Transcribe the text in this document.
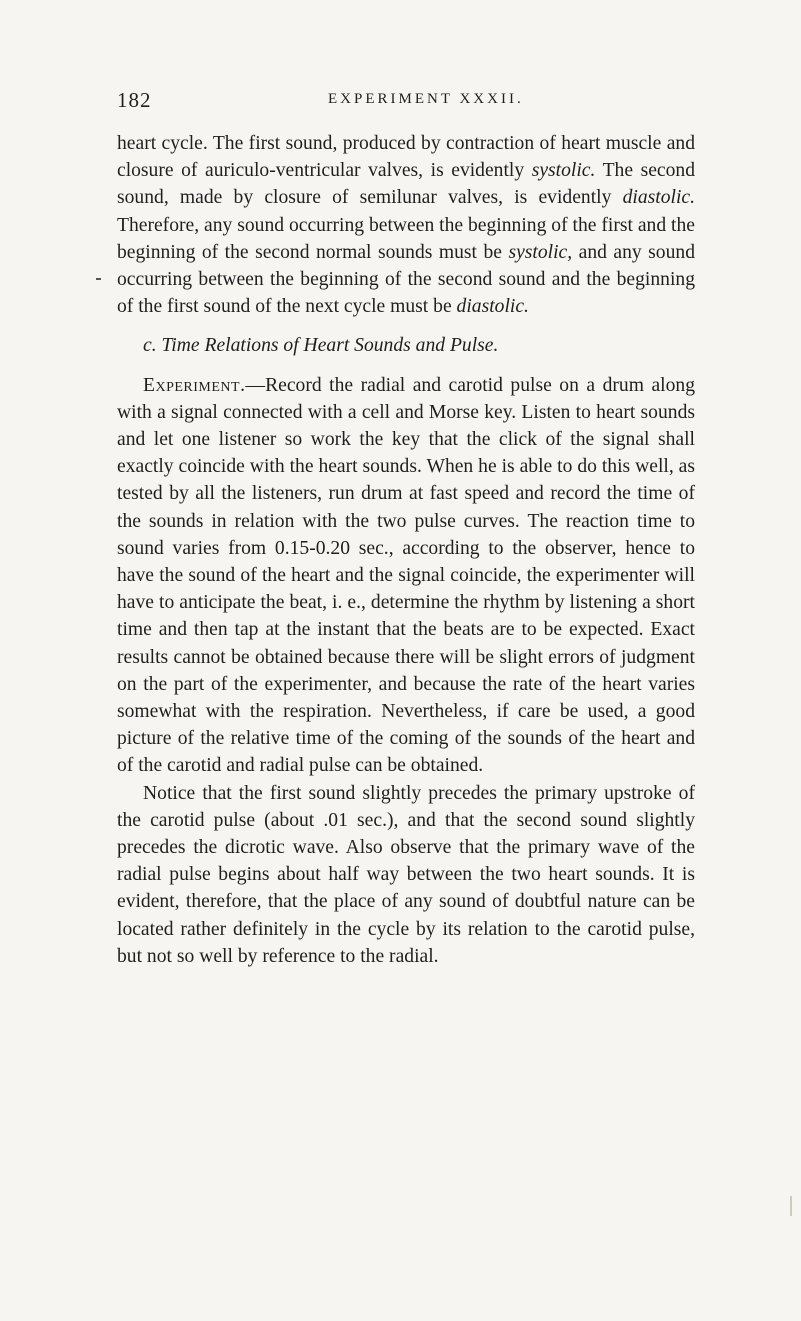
182	EXPERIMENT XXXII.

heart cycle. The first sound, produced by contraction of heart muscle and closure of auriculo-ventricular valves, is evidently systolic. The second sound, made by closure of semilunar valves, is evidently diastolic. Therefore, any sound occurring between the beginning of the first and the beginning of the second normal sounds must be systolic, and any sound occurring between the beginning of the second sound and the beginning of the first sound of the next cycle must be diastolic.

c. Time Relations of Heart Sounds and Pulse.

Experiment.—Record the radial and carotid pulse on a drum along with a signal connected with a cell and Morse key. Listen to heart sounds and let one listener so work the key that the click of the signal shall exactly coincide with the heart sounds. When he is able to do this well, as tested by all the listeners, run drum at fast speed and record the time of the sounds in relation with the two pulse curves. The reaction time to sound varies from 0.15-0.20 sec., according to the observer, hence to have the sound of the heart and the signal coincide, the experimenter will have to anticipate the beat, i. e., determine the rhythm by listening a short time and then tap at the instant that the beats are to be expected. Exact results cannot be obtained because there will be slight errors of judgment on the part of the experimenter, and because the rate of the heart varies somewhat with the respiration. Nevertheless, if care be used, a good picture of the relative time of the coming of the sounds of the heart and of the carotid and radial pulse can be obtained.

Notice that the first sound slightly precedes the primary upstroke of the carotid pulse (about .01 sec.), and that the second sound slightly precedes the dicrotic wave. Also observe that the primary wave of the radial pulse begins about half way between the two heart sounds. It is evident, therefore, that the place of any sound of doubtful nature can be located rather definitely in the cycle by its relation to the carotid pulse, but not so well by reference to the radial.
